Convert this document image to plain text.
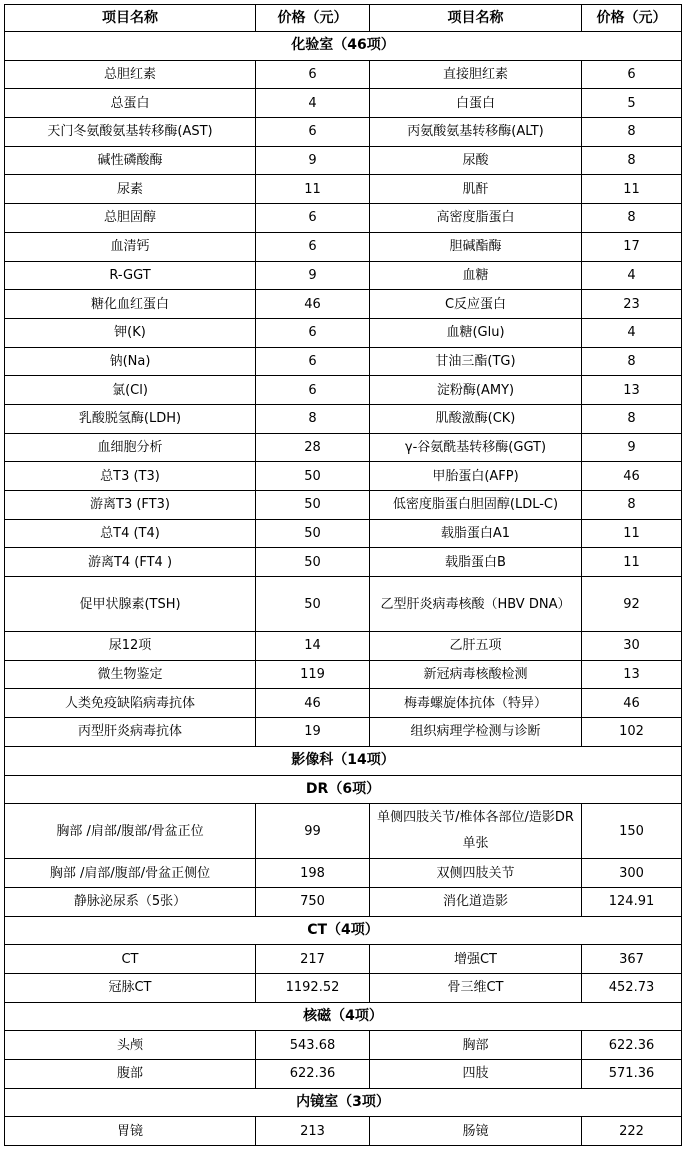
项目名称	价格（元）	项目名称	价格（元）
化验室（46项）			
总胆红素	6	直接胆红素	6
总蛋白	4	白蛋白	5
天门冬氨酸氨基转移酶(AST)	6	丙氨酸氨基转移酶(ALT)	8
碱性磷酸酶	9	尿酸	8
尿素	11	肌酐	11
总胆固醇	6	高密度脂蛋白	8
血清钙	6	胆碱酯酶	17
R-GGT	9	血糖	4
糖化血红蛋白	46	C反应蛋白	23
钾(K)	6	血糖(Glu)	4
钠(Na)	6	甘油三酯(TG)	8
氯(Cl)	6	淀粉酶(AMY)	13
乳酸脱氢酶(LDH)	8	肌酸激酶(CK)	8
血细胞分析	28	γ-谷氨酰基转移酶(GGT)	9
总T3 (T3)	50	甲胎蛋白(AFP)	46
游离T3 (FT3)	50	低密度脂蛋白胆固醇(LDL-C)	8
总T4 (T4)	50	载脂蛋白A1	11
游离T4 (FT4 )	50	载脂蛋白B	11
促甲状腺素(TSH)	50	乙型肝炎病毒核酸（HBV DNA）	92
尿12项	14	乙肝五项	30
微生物鉴定	119	新冠病毒核酸检测	13
人类免疫缺陷病毒抗体	46	梅毒螺旋体抗体（特异）	46
丙型肝炎病毒抗体	19	组织病理学检测与诊断	102
影像科（14项）			
DR（6项）			
胸部 /肩部/腹部/骨盆正位	99	单侧四肢关节/椎体各部位/造影DR单张	150
胸部 /肩部/腹部/骨盆正侧位	198	双侧四肢关节	300
静脉泌尿系（5张）	750	消化道造影	124.91
CT（4项）			
CT	217	增强CT	367
冠脉CT	1192.52	骨三维CT	452.73
核磁（4项）			
头颅	543.68	胸部	622.36
腹部	622.36	四肢	571.36
内镜室（3项）			
胃镜	213	肠镜	222
